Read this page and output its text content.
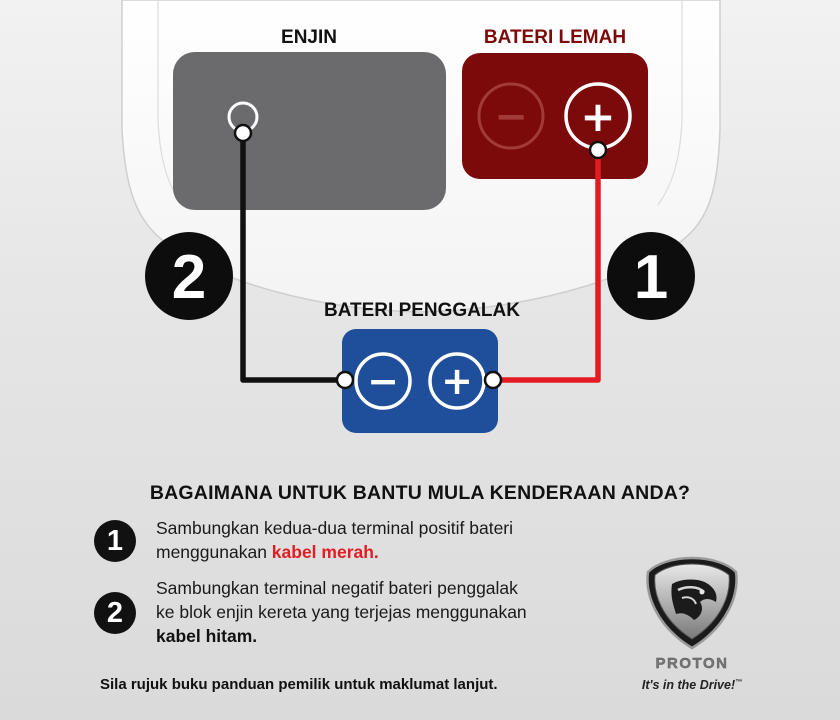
ENJIN	BATERI LEMAH
− +
BATERI PENGGALAK
− +
2	1
BAGAIMANA UNTUK BANTU MULA KENDERAAN ANDA?
1	Sambungkan kedua-dua terminal positif bateri
menggunakan kabel merah.
2
Sambungkan terminal negatif bateri penggalak
ke blok enjin kereta yang terjejas menggunakan
kabel hitam.
Sila rujuk buku panduan pemilik untuk maklumat lanjut.
PROTON
It's in the Drive!™
